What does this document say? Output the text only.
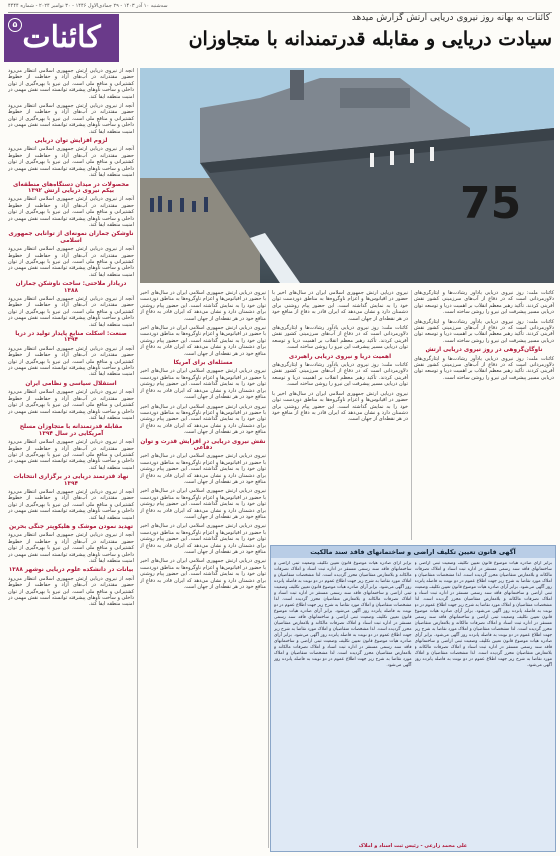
سه‌شنبه ۱۰ آذر ۱۴۰۳ - ۲۹ جمادی‌الاول ۱۴۴۶ - ۳۰ نوامبر ۲۰۲۴ - شماره ۴۴۴۴
کائنات
۵
کائنات به بهانه روز نیروی دریایی ارتش گزارش میدهد
سیادت دریایی و مقابله قدرتمندانه با متجاوزان
75

آنچه از نیروی دریایی ارتش جمهوری اسلامی انتظار می‌رود حضور مقتدرانه در آب‌های آزاد و حفاظت از خطوط کشتیرانی و منافع ملی است. این نیرو با بهره‌گیری از توان داخلی و ساخت ناوهای پیشرفته توانسته است نقش مهمی در امنیت منطقه ایفا کند.

آنچه از نیروی دریایی ارتش جمهوری اسلامی انتظار می‌رود حضور مقتدرانه در آب‌های آزاد و حفاظت از خطوط کشتیرانی و منافع ملی است. این نیرو با بهره‌گیری از توان داخلی و ساخت ناوهای پیشرفته توانسته است نقش مهمی در امنیت منطقه ایفا کند.

لزوم افزایش توان دریایی

آنچه از نیروی دریایی ارتش جمهوری اسلامی انتظار می‌رود حضور مقتدرانه در آب‌های آزاد و حفاظت از خطوط کشتیرانی و منافع ملی است. این نیرو با بهره‌گیری از توان داخلی و ساخت ناوهای پیشرفته توانسته است نقش مهمی در امنیت منطقه ایفا کند.

محصولات در میدان دستگاه‌های منطقه‌ای بیکم نیروی دریایی ارتش ۱۳۹۲

آنچه از نیروی دریایی ارتش جمهوری اسلامی انتظار می‌رود حضور مقتدرانه در آب‌های آزاد و حفاظت از خطوط کشتیرانی و منافع ملی است. این نیرو با بهره‌گیری از توان داخلی و ساخت ناوهای پیشرفته توانسته است نقش مهمی در امنیت منطقه ایفا کند.

ناوشکن جماران نمونه‌ای از توانایی جمهوری اسلامی

آنچه از نیروی دریایی ارتش جمهوری اسلامی انتظار می‌رود حضور مقتدرانه در آب‌های آزاد و حفاظت از خطوط کشتیرانی و منافع ملی است. این نیرو با بهره‌گیری از توان داخلی و ساخت ناوهای پیشرفته توانسته است نقش مهمی در امنیت منطقه ایفا کند.

دریادار ملاحتی: ساخت ناوشکن جماران ۱۳۸۸

آنچه از نیروی دریایی ارتش جمهوری اسلامی انتظار می‌رود حضور مقتدرانه در آب‌های آزاد و حفاظت از خطوط کشتیرانی و منافع ملی است. این نیرو با بهره‌گیری از توان داخلی و ساخت ناوهای پیشرفته توانسته است نقش مهمی در امنیت منطقه ایفا کند.

صنعت: اسکلت منابع پایدار تولید در دریا ۱۳۹۴

آنچه از نیروی دریایی ارتش جمهوری اسلامی انتظار می‌رود حضور مقتدرانه در آب‌های آزاد و حفاظت از خطوط کشتیرانی و منافع ملی است. این نیرو با بهره‌گیری از توان داخلی و ساخت ناوهای پیشرفته توانسته است نقش مهمی در امنیت منطقه ایفا کند.

استقلال سیاسی و نظامی ایران

آنچه از نیروی دریایی ارتش جمهوری اسلامی انتظار می‌رود حضور مقتدرانه در آب‌های آزاد و حفاظت از خطوط کشتیرانی و منافع ملی است. این نیرو با بهره‌گیری از توان داخلی و ساخت ناوهای پیشرفته توانسته است نقش مهمی در امنیت منطقه ایفا کند.

مقابله قدرتمندانه با متجاوزان مسلح آمریکایی در سال ۱۳۹۴

آنچه از نیروی دریایی ارتش جمهوری اسلامی انتظار می‌رود حضور مقتدرانه در آب‌های آزاد و حفاظت از خطوط کشتیرانی و منافع ملی است. این نیرو با بهره‌گیری از توان داخلی و ساخت ناوهای پیشرفته توانسته است نقش مهمی در امنیت منطقه ایفا کند.

نهاد قدرتمند دریایی در برگزاری انتخابات ۱۳۹۴

آنچه از نیروی دریایی ارتش جمهوری اسلامی انتظار می‌رود حضور مقتدرانه در آب‌های آزاد و حفاظت از خطوط کشتیرانی و منافع ملی است. این نیرو با بهره‌گیری از توان داخلی و ساخت ناوهای پیشرفته توانسته است نقش مهمی در امنیت منطقه ایفا کند.

تهدید نمودن موشک و هلیکوپتر جنگی بحرین

آنچه از نیروی دریایی ارتش جمهوری اسلامی انتظار می‌رود حضور مقتدرانه در آب‌های آزاد و حفاظت از خطوط کشتیرانی و منافع ملی است. این نیرو با بهره‌گیری از توان داخلی و ساخت ناوهای پیشرفته توانسته است نقش مهمی در امنیت منطقه ایفا کند.

بیانات در دانشکده علوم دریایی نوشهر ۱۳۸۸

آنچه از نیروی دریایی ارتش جمهوری اسلامی انتظار می‌رود حضور مقتدرانه در آب‌های آزاد و حفاظت از خطوط کشتیرانی و منافع ملی است. این نیرو با بهره‌گیری از توان داخلی و ساخت ناوهای پیشرفته توانسته است نقش مهمی در امنیت منطقه ایفا کند.

نیروی دریایی ارتش جمهوری اسلامی ایران در سال‌های اخیر با حضور در اقیانوس‌ها و اعزام ناوگروه‌ها به مناطق دوردست توان خود را به نمایش گذاشته است. این حضور پیام روشنی برای دشمنان دارد و نشان می‌دهد که ایران قادر به دفاع از منافع خود در هر نقطه‌ای از جهان است.

نیروی دریایی ارتش جمهوری اسلامی ایران در سال‌های اخیر با حضور در اقیانوس‌ها و اعزام ناوگروه‌ها به مناطق دوردست توان خود را به نمایش گذاشته است. این حضور پیام روشنی برای دشمنان دارد و نشان می‌دهد که ایران قادر به دفاع از منافع خود در هر نقطه‌ای از جهان است.

مسئله‌ای برای آمریکا

نیروی دریایی ارتش جمهوری اسلامی ایران در سال‌های اخیر با حضور در اقیانوس‌ها و اعزام ناوگروه‌ها به مناطق دوردست توان خود را به نمایش گذاشته است. این حضور پیام روشنی برای دشمنان دارد و نشان می‌دهد که ایران قادر به دفاع از منافع خود در هر نقطه‌ای از جهان است.

نیروی دریایی ارتش جمهوری اسلامی ایران در سال‌های اخیر با حضور در اقیانوس‌ها و اعزام ناوگروه‌ها به مناطق دوردست توان خود را به نمایش گذاشته است. این حضور پیام روشنی برای دشمنان دارد و نشان می‌دهد که ایران قادر به دفاع از منافع خود در هر نقطه‌ای از جهان است.

نقش نیروی دریایی در افزایش قدرت و توان دفاعی

نیروی دریایی ارتش جمهوری اسلامی ایران در سال‌های اخیر با حضور در اقیانوس‌ها و اعزام ناوگروه‌ها به مناطق دوردست توان خود را به نمایش گذاشته است. این حضور پیام روشنی برای دشمنان دارد و نشان می‌دهد که ایران قادر به دفاع از منافع خود در هر نقطه‌ای از جهان است.

نیروی دریایی ارتش جمهوری اسلامی ایران در سال‌های اخیر با حضور در اقیانوس‌ها و اعزام ناوگروه‌ها به مناطق دوردست توان خود را به نمایش گذاشته است. این حضور پیام روشنی برای دشمنان دارد و نشان می‌دهد که ایران قادر به دفاع از منافع خود در هر نقطه‌ای از جهان است.

نیروی دریایی ارتش جمهوری اسلامی ایران در سال‌های اخیر با حضور در اقیانوس‌ها و اعزام ناوگروه‌ها به مناطق دوردست توان خود را به نمایش گذاشته است. این حضور پیام روشنی برای دشمنان دارد و نشان می‌دهد که ایران قادر به دفاع از منافع خود در هر نقطه‌ای از جهان است.

نیروی دریایی ارتش جمهوری اسلامی ایران در سال‌های اخیر با حضور در اقیانوس‌ها و اعزام ناوگروه‌ها به مناطق دوردست توان خود را به نمایش گذاشته است. این حضور پیام روشنی برای دشمنان دارد و نشان می‌دهد که ایران قادر به دفاع از منافع خود در هر نقطه‌ای از جهان است.

نیروی دریایی ارتش جمهوری اسلامی ایران در سال‌های اخیر با حضور در اقیانوس‌ها و اعزام ناوگروه‌ها به مناطق دوردست توان خود را به نمایش گذاشته است. این حضور پیام روشنی برای دشمنان دارد و نشان می‌دهد که ایران قادر به دفاع از منافع خود در هر نقطه‌ای از جهان است.

کائنات ملت: روز نیروی دریایی یادآور رشادت‌ها و ایثارگری‌های دلاورمردانی است که در دفاع از آب‌های سرزمینی کشور نقش آفرینی کردند. تأکید رهبر معظم انقلاب بر اهمیت دریا و توسعه توان دریایی مسیر پیشرفت این نیرو را روشن ساخته است.

اهمیت دریا و نیروی دریایی راهبردی

کائنات ملت: روز نیروی دریایی یادآور رشادت‌ها و ایثارگری‌های دلاورمردانی است که در دفاع از آب‌های سرزمینی کشور نقش آفرینی کردند. تأکید رهبر معظم انقلاب بر اهمیت دریا و توسعه توان دریایی مسیر پیشرفت این نیرو را روشن ساخته است.

نیروی دریایی ارتش جمهوری اسلامی ایران در سال‌های اخیر با حضور در اقیانوس‌ها و اعزام ناوگروه‌ها به مناطق دوردست توان خود را به نمایش گذاشته است. این حضور پیام روشنی برای دشمنان دارد و نشان می‌دهد که ایران قادر به دفاع از منافع خود در هر نقطه‌ای از جهان است.

کائنات ملت: روز نیروی دریایی یادآور رشادت‌ها و ایثارگری‌های دلاورمردانی است که در دفاع از آب‌های سرزمینی کشور نقش آفرینی کردند. تأکید رهبر معظم انقلاب بر اهمیت دریا و توسعه توان دریایی مسیر پیشرفت این نیرو را روشن ساخته است.

کائنات ملت: روز نیروی دریایی یادآور رشادت‌ها و ایثارگری‌های دلاورمردانی است که در دفاع از آب‌های سرزمینی کشور نقش آفرینی کردند. تأکید رهبر معظم انقلاب بر اهمیت دریا و توسعه توان دریایی مسیر پیشرفت این نیرو را روشن ساخته است.

ناوگان‌گروهی در روز نیروی دریایی ارتش

کائنات ملت: روز نیروی دریایی یادآور رشادت‌ها و ایثارگری‌های دلاورمردانی است که در دفاع از آب‌های سرزمینی کشور نقش آفرینی کردند. تأکید رهبر معظم انقلاب بر اهمیت دریا و توسعه توان دریایی مسیر پیشرفت این نیرو را روشن ساخته است.

آگهی قانون تعیین تکلیف اراضی و ساختمانهای فاقد سند مالکیت
برابر آرای صادره هیات موضوع قانون تعیین تکلیف وضعیت ثبتی اراضی و ساختمانهای فاقد سند رسمی مستقر در اداره ثبت اسناد و املاک تصرفات مالکانه و بلامعارض متقاضیان محرز گردیده است. لذا مشخصات متقاضیان و املاک مورد تقاضا به شرح زیر جهت اطلاع عموم در دو نوبت به فاصله پانزده روز آگهی می‌شود. برابر آرای صادره هیات موضوع قانون تعیین تکلیف وضعیت ثبتی اراضی و ساختمانهای فاقد سند رسمی مستقر در اداره ثبت اسناد و املاک تصرفات مالکانه و بلامعارض متقاضیان محرز گردیده است. لذا مشخصات متقاضیان و املاک مورد تقاضا به شرح زیر جهت اطلاع عموم در دو نوبت به فاصله پانزده روز آگهی می‌شود. برابر آرای صادره هیات موضوع قانون تعیین تکلیف وضعیت ثبتی اراضی و ساختمانهای فاقد سند رسمی مستقر در اداره ثبت اسناد و املاک تصرفات مالکانه و بلامعارض متقاضیان محرز گردیده است. لذا مشخصات متقاضیان و املاک مورد تقاضا به شرح زیر جهت اطلاع عموم در دو نوبت به فاصله پانزده روز آگهی می‌شود. برابر آرای صادره هیات موضوع قانون تعیین تکلیف وضعیت ثبتی اراضی و ساختمانهای فاقد سند رسمی مستقر در اداره ثبت اسناد و املاک تصرفات مالکانه و بلامعارض متقاضیان محرز گردیده است. لذا مشخصات متقاضیان و املاک مورد تقاضا به شرح زیر جهت اطلاع عموم در دو نوبت به فاصله پانزده روز آگهی می‌شود.
برابر آرای صادره هیات موضوع قانون تعیین تکلیف وضعیت ثبتی اراضی و ساختمانهای فاقد سند رسمی مستقر در اداره ثبت اسناد و املاک تصرفات مالکانه و بلامعارض متقاضیان محرز گردیده است. لذا مشخصات متقاضیان و املاک مورد تقاضا به شرح زیر جهت اطلاع عموم در دو نوبت به فاصله پانزده روز آگهی می‌شود. برابر آرای صادره هیات موضوع قانون تعیین تکلیف وضعیت ثبتی اراضی و ساختمانهای فاقد سند رسمی مستقر در اداره ثبت اسناد و املاک تصرفات مالکانه و بلامعارض متقاضیان محرز گردیده است. لذا مشخصات متقاضیان و املاک مورد تقاضا به شرح زیر جهت اطلاع عموم در دو نوبت به فاصله پانزده روز آگهی می‌شود. برابر آرای صادره هیات موضوع قانون تعیین تکلیف وضعیت ثبتی اراضی و ساختمانهای فاقد سند رسمی مستقر در اداره ثبت اسناد و املاک تصرفات مالکانه و بلامعارض متقاضیان محرز گردیده است. لذا مشخصات متقاضیان و املاک مورد تقاضا به شرح زیر جهت اطلاع عموم در دو نوبت به فاصله پانزده روز آگهی می‌شود. برابر آرای صادره هیات موضوع قانون تعیین تکلیف وضعیت ثبتی اراضی و ساختمانهای فاقد سند رسمی مستقر در اداره ثبت اسناد و املاک تصرفات مالکانه و بلامعارض متقاضیان محرز گردیده است. لذا مشخصات متقاضیان و املاک مورد تقاضا به شرح زیر جهت اطلاع عموم در دو نوبت به فاصله پانزده روز آگهی می‌شود.
علی محمد زارعی - رئیس ثبت اسناد و املاک
